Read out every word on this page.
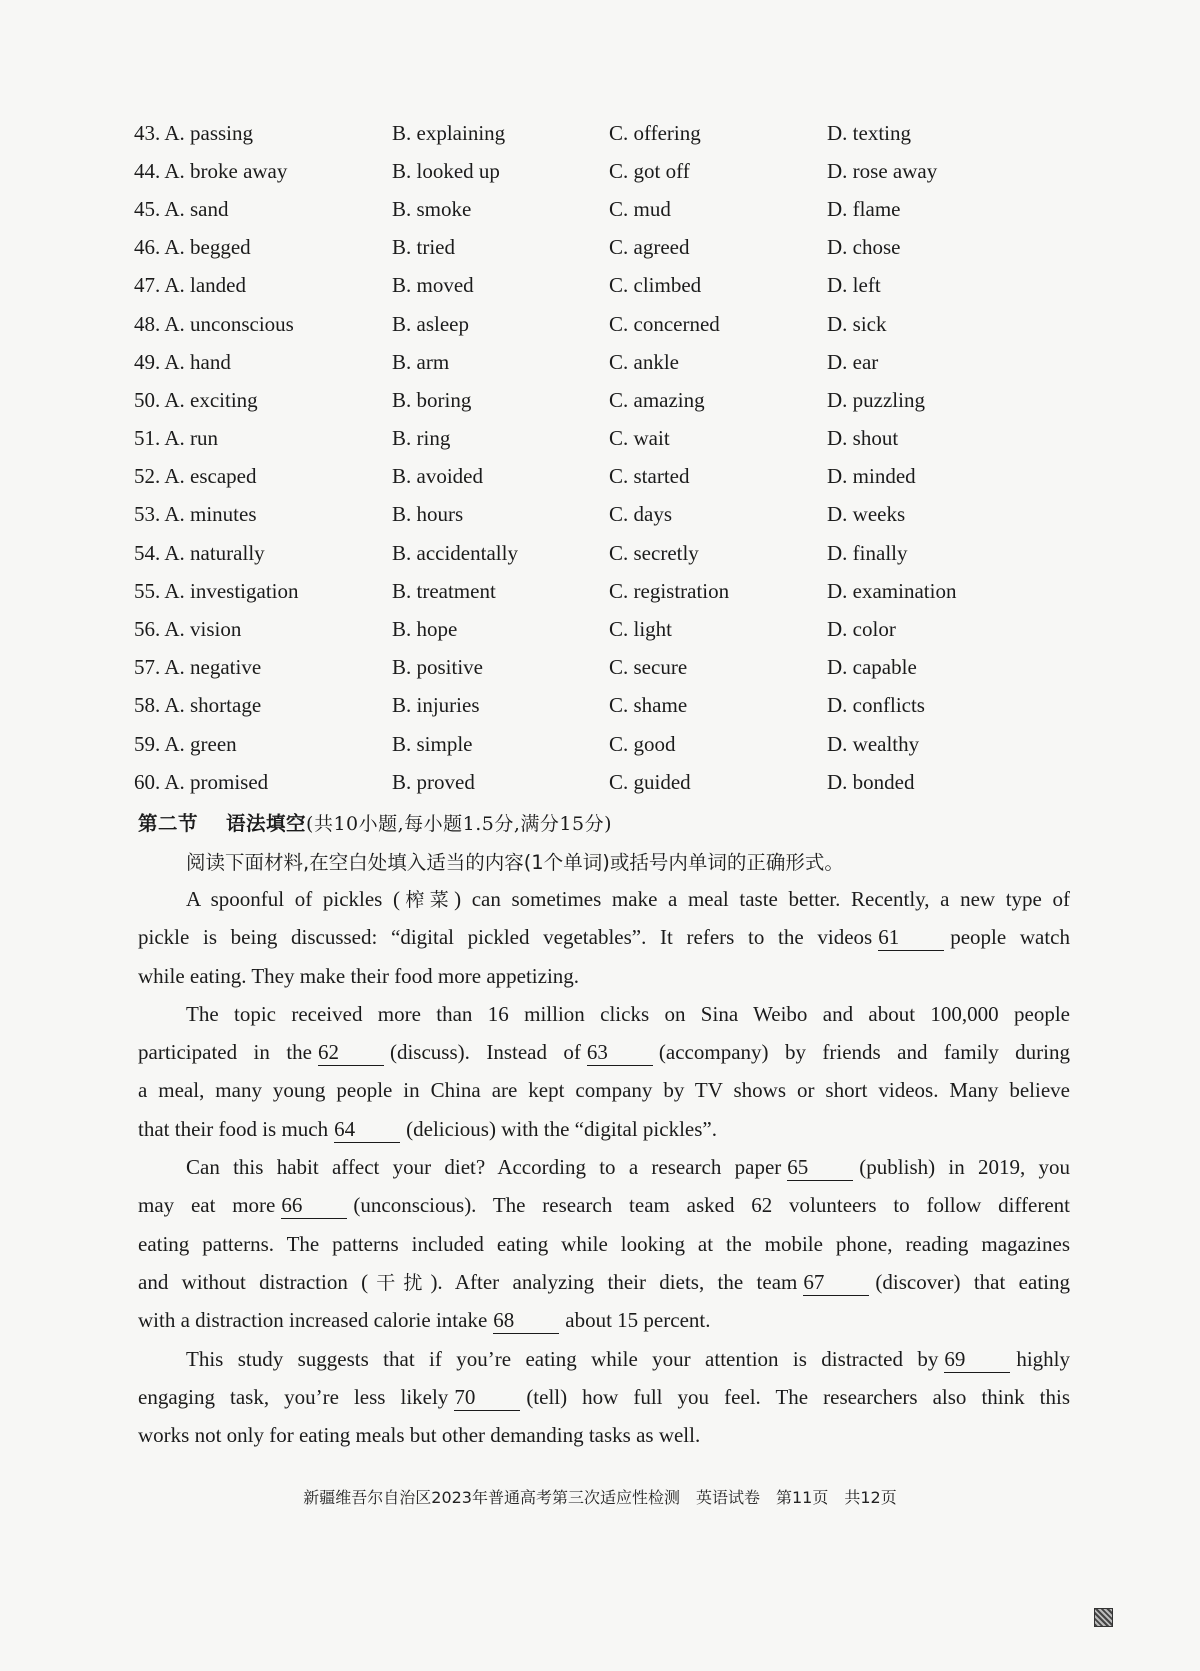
43. A. passing	B. explaining	C. offering	D. texting
44. A. broke away	B. looked up	C. got off	D. rose away
45. A. sand	B. smoke	C. mud	D. flame
46. A. begged	B. tried	C. agreed	D. chose
47. A. landed	B. moved	C. climbed	D. left
48. A. unconscious	B. asleep	C. concerned	D. sick
49. A. hand	B. arm	C. ankle	D. ear
50. A. exciting	B. boring	C. amazing	D. puzzling
51. A. run	B. ring	C. wait	D. shout
52. A. escaped	B. avoided	C. started	D. minded
53. A. minutes	B. hours	C. days	D. weeks
54. A. naturally	B. accidentally	C. secretly	D. finally
55. A. investigation	B. treatment	C. registration	D. examination
56. A. vision	B. hope	C. light	D. color
57. A. negative	B. positive	C. secure	D. capable
58. A. shortage	B. injuries	C. shame	D. conflicts
59. A. green	B. simple	C. good	D. wealthy
60. A. promised	B. proved	C. guided	D. bonded
第二节 语法填空(共10小题,每小题1.5分,满分15分)
阅读下面材料,在空白处填入适当的内容(1个单词)或括号内单词的正确形式。
A spoonful of pickles (榨菜) can sometimes make a meal taste better. Recently, a new type of
pickle is being discussed: “digital pickled vegetables”. It refers to the videos 61 people watch
while eating. They make their food more appetizing.
The topic received more than 16 million clicks on Sina Weibo and about 100,000 people
participated in the 62 (discuss). Instead of 63 (accompany) by friends and family during
a meal, many young people in China are kept company by TV shows or short videos. Many believe
that their food is much 64 (delicious) with the “digital pickles”.
Can this habit affect your diet? According to a research paper 65 (publish) in 2019, you
may eat more 66 (unconscious). The research team asked 62 volunteers to follow different
eating patterns. The patterns included eating while looking at the mobile phone, reading magazines
and without distraction (干扰). After analyzing their diets, the team 67 (discover) that eating
with a distraction increased calorie intake 68 about 15 percent.
This study suggests that if you’re eating while your attention is distracted by 69 highly
engaging task, you’re less likely 70 (tell) how full you feel. The researchers also think this
works not only for eating meals but other demanding tasks as well.
新疆维吾尔自治区2023年普通高考第三次适应性检测　英语试卷　第11页　共12页
